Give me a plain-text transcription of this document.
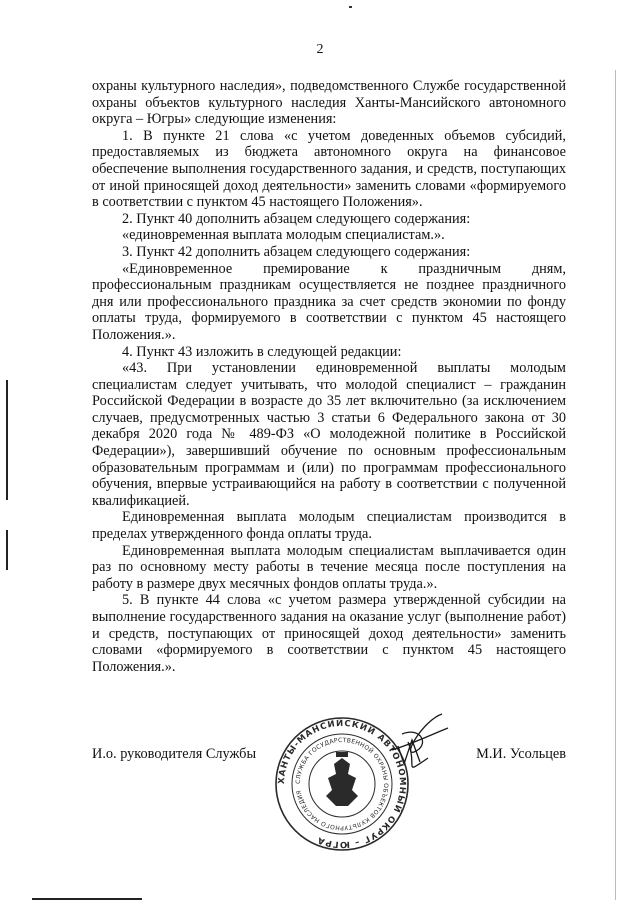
2

охраны культурного наследия», подведомственного Службе государственной охраны объектов культурного наследия Ханты-Мансийского автономного округа – Югры» следующие изменения:

1. В пункте 21 слова «с учетом доведенных объемов субсидий, предоставляемых из бюджета автономного округа на финансовое обеспечение выполнения государственного задания, и средств, поступающих от иной приносящей доход деятельности» заменить словами «формируемого в соответствии с пунктом 45 настоящего Положения».

2. Пункт 40 дополнить абзацем следующего содержания:

«единовременная выплата молодым специалистам.».

3. Пункт 42 дополнить абзацем следующего содержания:

«Единовременное премирование к праздничным дням, профессиональным праздникам осуществляется не позднее праздничного дня или профессионального праздника за счет средств экономии по фонду оплаты труда, формируемого в соответствии с пунктом 45 настоящего Положения.».

4. Пункт 43 изложить в следующей редакции:

«43. При установлении единовременной выплаты молодым специалистам следует учитывать, что молодой специалист – гражданин Российской Федерации в возрасте до 35 лет включительно (за исключением случаев, предусмотренных частью 3 статьи 6 Федерального закона от 30 декабря 2020 года № 489-ФЗ «О молодежной политике в Российской Федерации»), завершивший обучение по основным профессиональным образовательным программам и (или) по программам профессионального обучения, впервые устраивающийся на работу в соответствии с полученной квалификацией.

Единовременная выплата молодым специалистам производится в пределах утвержденного фонда оплаты труда.

Единовременная выплата молодым специалистам выплачивается один раз по основному месту работы в течение месяца после поступления на работу в размере двух месячных фондов оплаты труда.».

5. В пункте 44 слова «с учетом размера утвержденной субсидии на выполнение государственного задания на оказание услуг (выполнение работ) и средств, поступающих от приносящей доход деятельности» заменить словами «формируемого в соответствии с пунктом 45 настоящего Положения.».

И.о. руководителя Службы	М.И. Усольцев
ХАНТЫ-МАНСИЙСКИЙ АВТОНОМНЫЙ ОКРУГ – ЮГРА
СЛУЖБА ГОСУДАРСТВЕННОЙ ОХРАНЫ ОБЪЕКТОВ КУЛЬТУРНОГО НАСЛЕДИЯ
